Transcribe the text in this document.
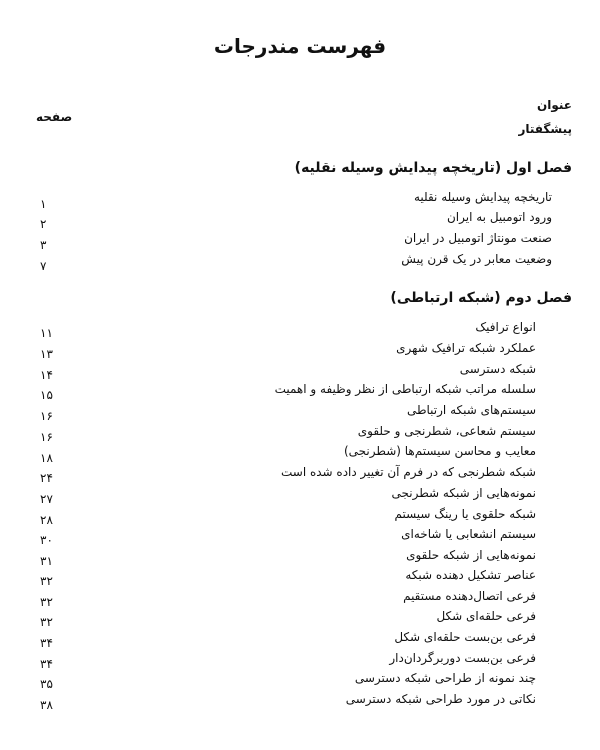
فهرست مندرجات
عنوان
صفحه
پیشگفتار
فصل اول (تاریخچه پیدایش وسیله نقلیه)
تاریخچه پیدایش وسیله نقلیه
۱
ورود اتومبیل به ایران
۲
صنعت مونتاژ اتومبیل در ایران
۳
وضعیت معابر در یک قرن پیش
۷
فصل دوم (شبکه ارتباطی)
انواع ترافیک
۱۱
عملکرد شبکه ترافیک شهری
۱۳
شبکه دسترسی
۱۴
سلسله مراتب شبکه ارتباطی از نظر وظیفه و اهمیت
۱۵
سیستم‌های شبکه ارتباطی
۱۶
سیستم شعاعی، شطرنجی و حلقوی
۱۶
معایب و محاسن سیستم‌ها (شطرنجی)
۱۸
شبکه شطرنجی که در فرم آن تغییر داده شده است
۲۴
نمونه‌هایی از شبکه شطرنجی
۲۷
شبکه حلقوی یا رینگ سیستم
۲۸
سیستم انشعابی یا شاخه‌ای
۳۰
نمونه‌هایی از شبکه حلقوی
۳۱
عناصر تشکیل دهنده شبکه
۳۲
فرعی اتصال‌دهنده مستقیم
۳۲
فرعی حلقه‌ای شکل
۳۲
فرعی بن‌بست حلقه‌ای شکل
۳۴
فرعی بن‌بست دوربرگردان‌دار
۳۴
چند نمونه از طراحی شبکه دسترسی
۳۵
نکاتی در مورد طراحی شبکه دسترسی
۳۸
